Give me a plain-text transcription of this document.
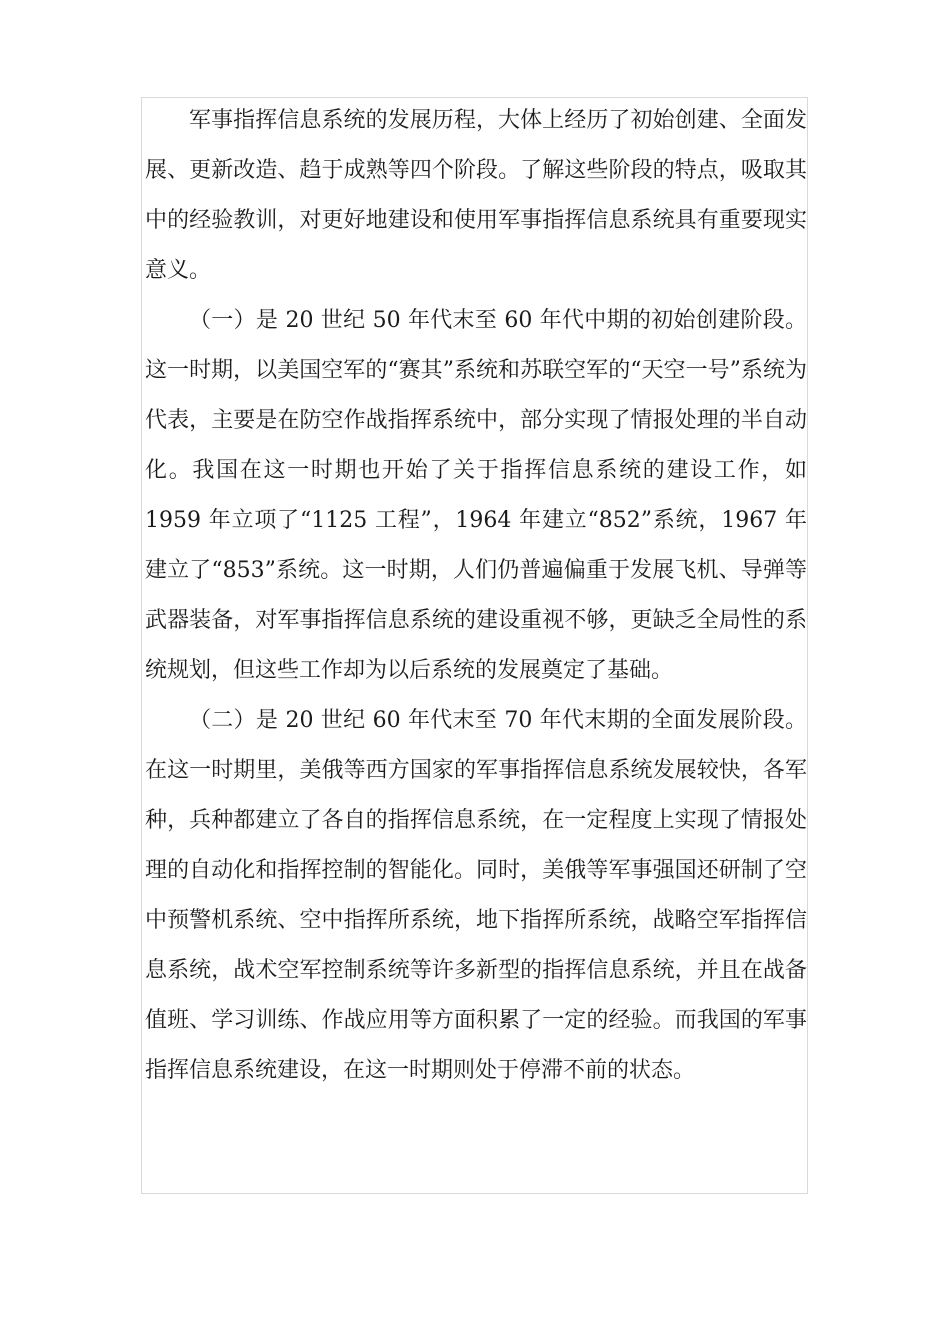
军事指挥信息系统的发展历程，大体上经历了初始创建、全面发展、更新改造、趋于成熟等四个阶段。了解这些阶段的特点，吸取其中的经验教训，对更好地建设和使用军事指挥信息系统具有重要现实意义。

（一）是 20 世纪 50 年代末至 60 年代中期的初始创建阶段。这一时期，以美国空军的“赛其”系统和苏联空军的“天空一号”系统为代表，主要是在防空作战指挥系统中，部分实现了情报处理的半自动化。我国在这一时期也开始了关于指挥信息系统的建设工作，如 1959 年立项了“1125 工程”，1964 年建立“852”系统，1967 年建立了“853”系统。这一时期，人们仍普遍偏重于发展飞机、导弹等武器装备，对军事指挥信息系统的建设重视不够，更缺乏全局性的系统规划，但这些工作却为以后系统的发展奠定了基础。

（二）是 20 世纪 60 年代末至 70 年代末期的全面发展阶段。在这一时期里，美俄等西方国家的军事指挥信息系统发展较快，各军种，兵种都建立了各自的指挥信息系统，在一定程度上实现了情报处理的自动化和指挥控制的智能化。同时，美俄等军事强国还研制了空中预警机系统、空中指挥所系统，地下指挥所系统，战略空军指挥信息系统，战术空军控制系统等许多新型的指挥信息系统，并且在战备值班、学习训练、作战应用等方面积累了一定的经验。而我国的军事指挥信息系统建设，在这一时期则处于停滞不前的状态。
